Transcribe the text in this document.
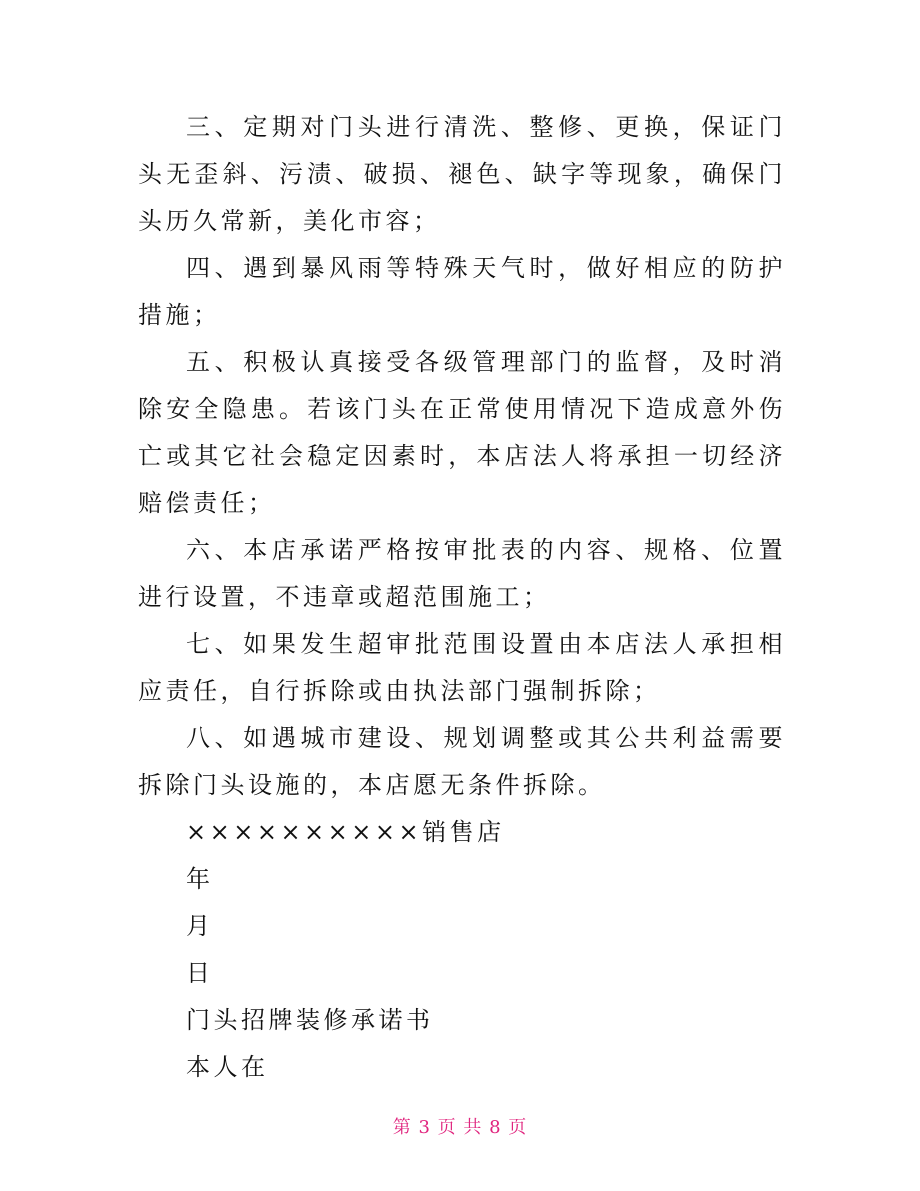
三、定期对门头进行清洗、整修、更换，保证门头无歪斜、污渍、破损、褪色、缺字等现象，确保门头历久常新，美化市容；

四、遇到暴风雨等特殊天气时，做好相应的防护措施；

五、积极认真接受各级管理部门的监督，及时消除安全隐患。若该门头在正常使用情况下造成意外伤亡或其它社会稳定因素时，本店法人将承担一切经济赔偿责任；

六、本店承诺严格按审批表的内容、规格、位置进行设置，不违章或超范围施工；

七、如果发生超审批范围设置由本店法人承担相应责任，自行拆除或由执法部门强制拆除；

八、如遇城市建设、规划调整或其公共利益需要拆除门头设施的，本店愿无条件拆除。

××××××××××销售店

年

月

日

门头招牌装修承诺书

本人在

第 3 页 共 8 页
